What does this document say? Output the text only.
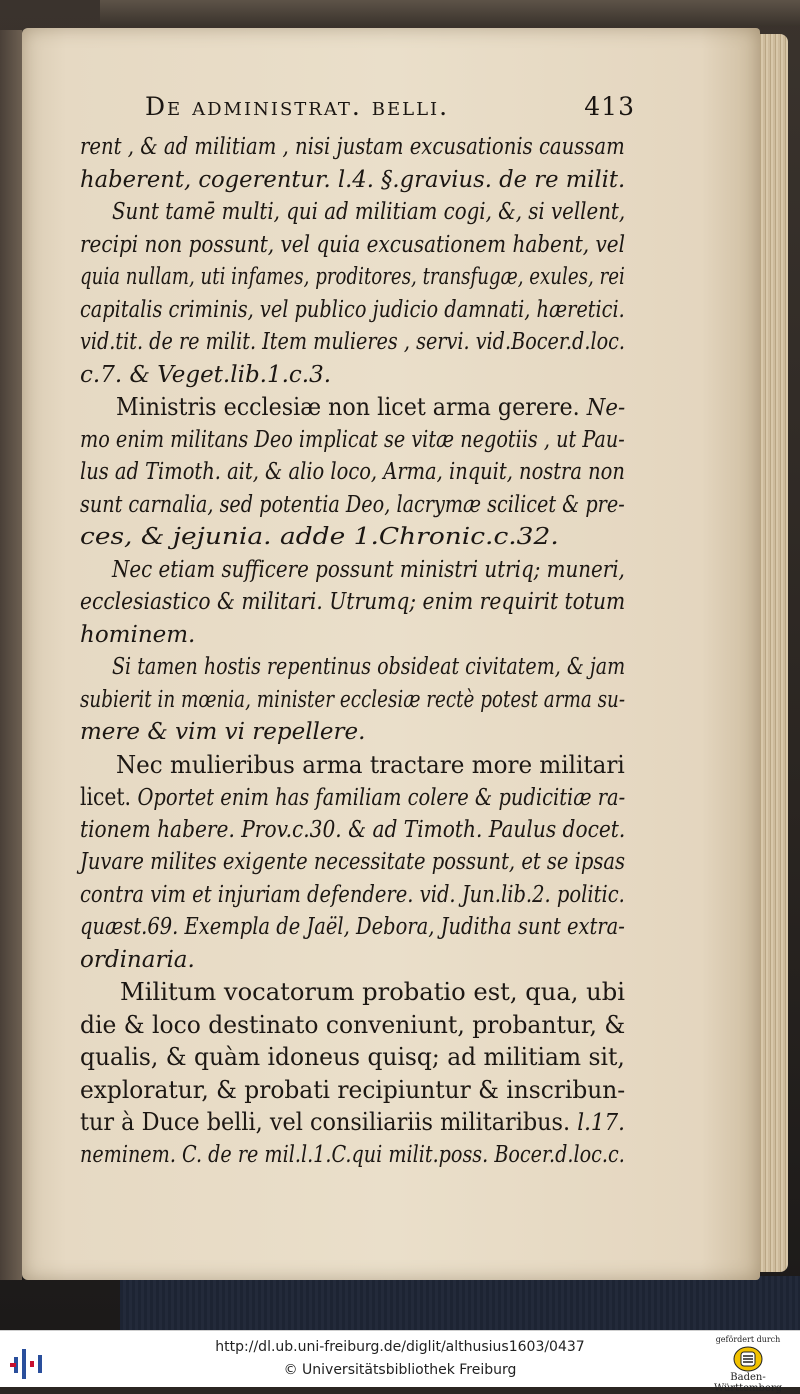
De administrat. belli.	413
rent , & ad militiam , nisi justam excusationis caussam
haberent, cogerentur. l.4. §.gravius. de re milit.
Sunt tamē multi, qui ad militiam cogi, &, si vellent,
recipi non possunt, vel quia excusationem habent, vel
quia nullam, uti infames, proditores, transfugæ, exules, rei
capitalis criminis, vel publico judicio damnati, hæretici.
vid.tit. de re milit. Item mulieres , servi. vid.Bocer.d.loc.
c.7. & Veget.lib.1.c.3.
Ministris ecclesiæ non licet arma gerere. Ne-
mo enim militans Deo implicat se vitæ negotiis , ut Pau-
lus ad Timoth. ait, & alio loco, Arma, inquit, nostra non
sunt carnalia, sed potentia Deo, lacrymæ scilicet & pre-
ces, & jejunia. adde 1.Chronic.c.32.
Nec etiam sufficere possunt ministri utriq; muneri,
ecclesiastico & militari. Utrumq; enim requirit totum
hominem.
Si tamen hostis repentinus obsideat civitatem, & jam
subierit in mœnia, minister ecclesiæ rectè potest arma su-
mere & vim vi repellere.
Nec mulieribus arma tractare more militari
licet. Oportet enim has familiam colere & pudicitiæ ra-
tionem habere. Prov.c.30. & ad Timoth. Paulus docet.
Juvare milites exigente necessitate possunt, et se ipsas
contra vim et injuriam defendere. vid. Jun.lib.2. politic.
quæst.69. Exempla de Jaël, Debora, Juditha sunt extra-
ordinaria.
Militum vocatorum probatio est, qua, ubi
die & loco destinato conveniunt, probantur, &
qualis, & quàm idoneus quisq; ad militiam sit,
exploratur, & probati recipiuntur & inscribun-
tur à Duce belli, vel consiliariis militaribus. l.17.
neminem. C. de re mil.l.1.C.qui milit.poss. Bocer.d.loc.c.
http://dl.ub.uni-freiburg.de/diglit/althusius1603/0437
© Universitätsbibliothek Freiburg
gefördert durch
Baden-Württemberg
